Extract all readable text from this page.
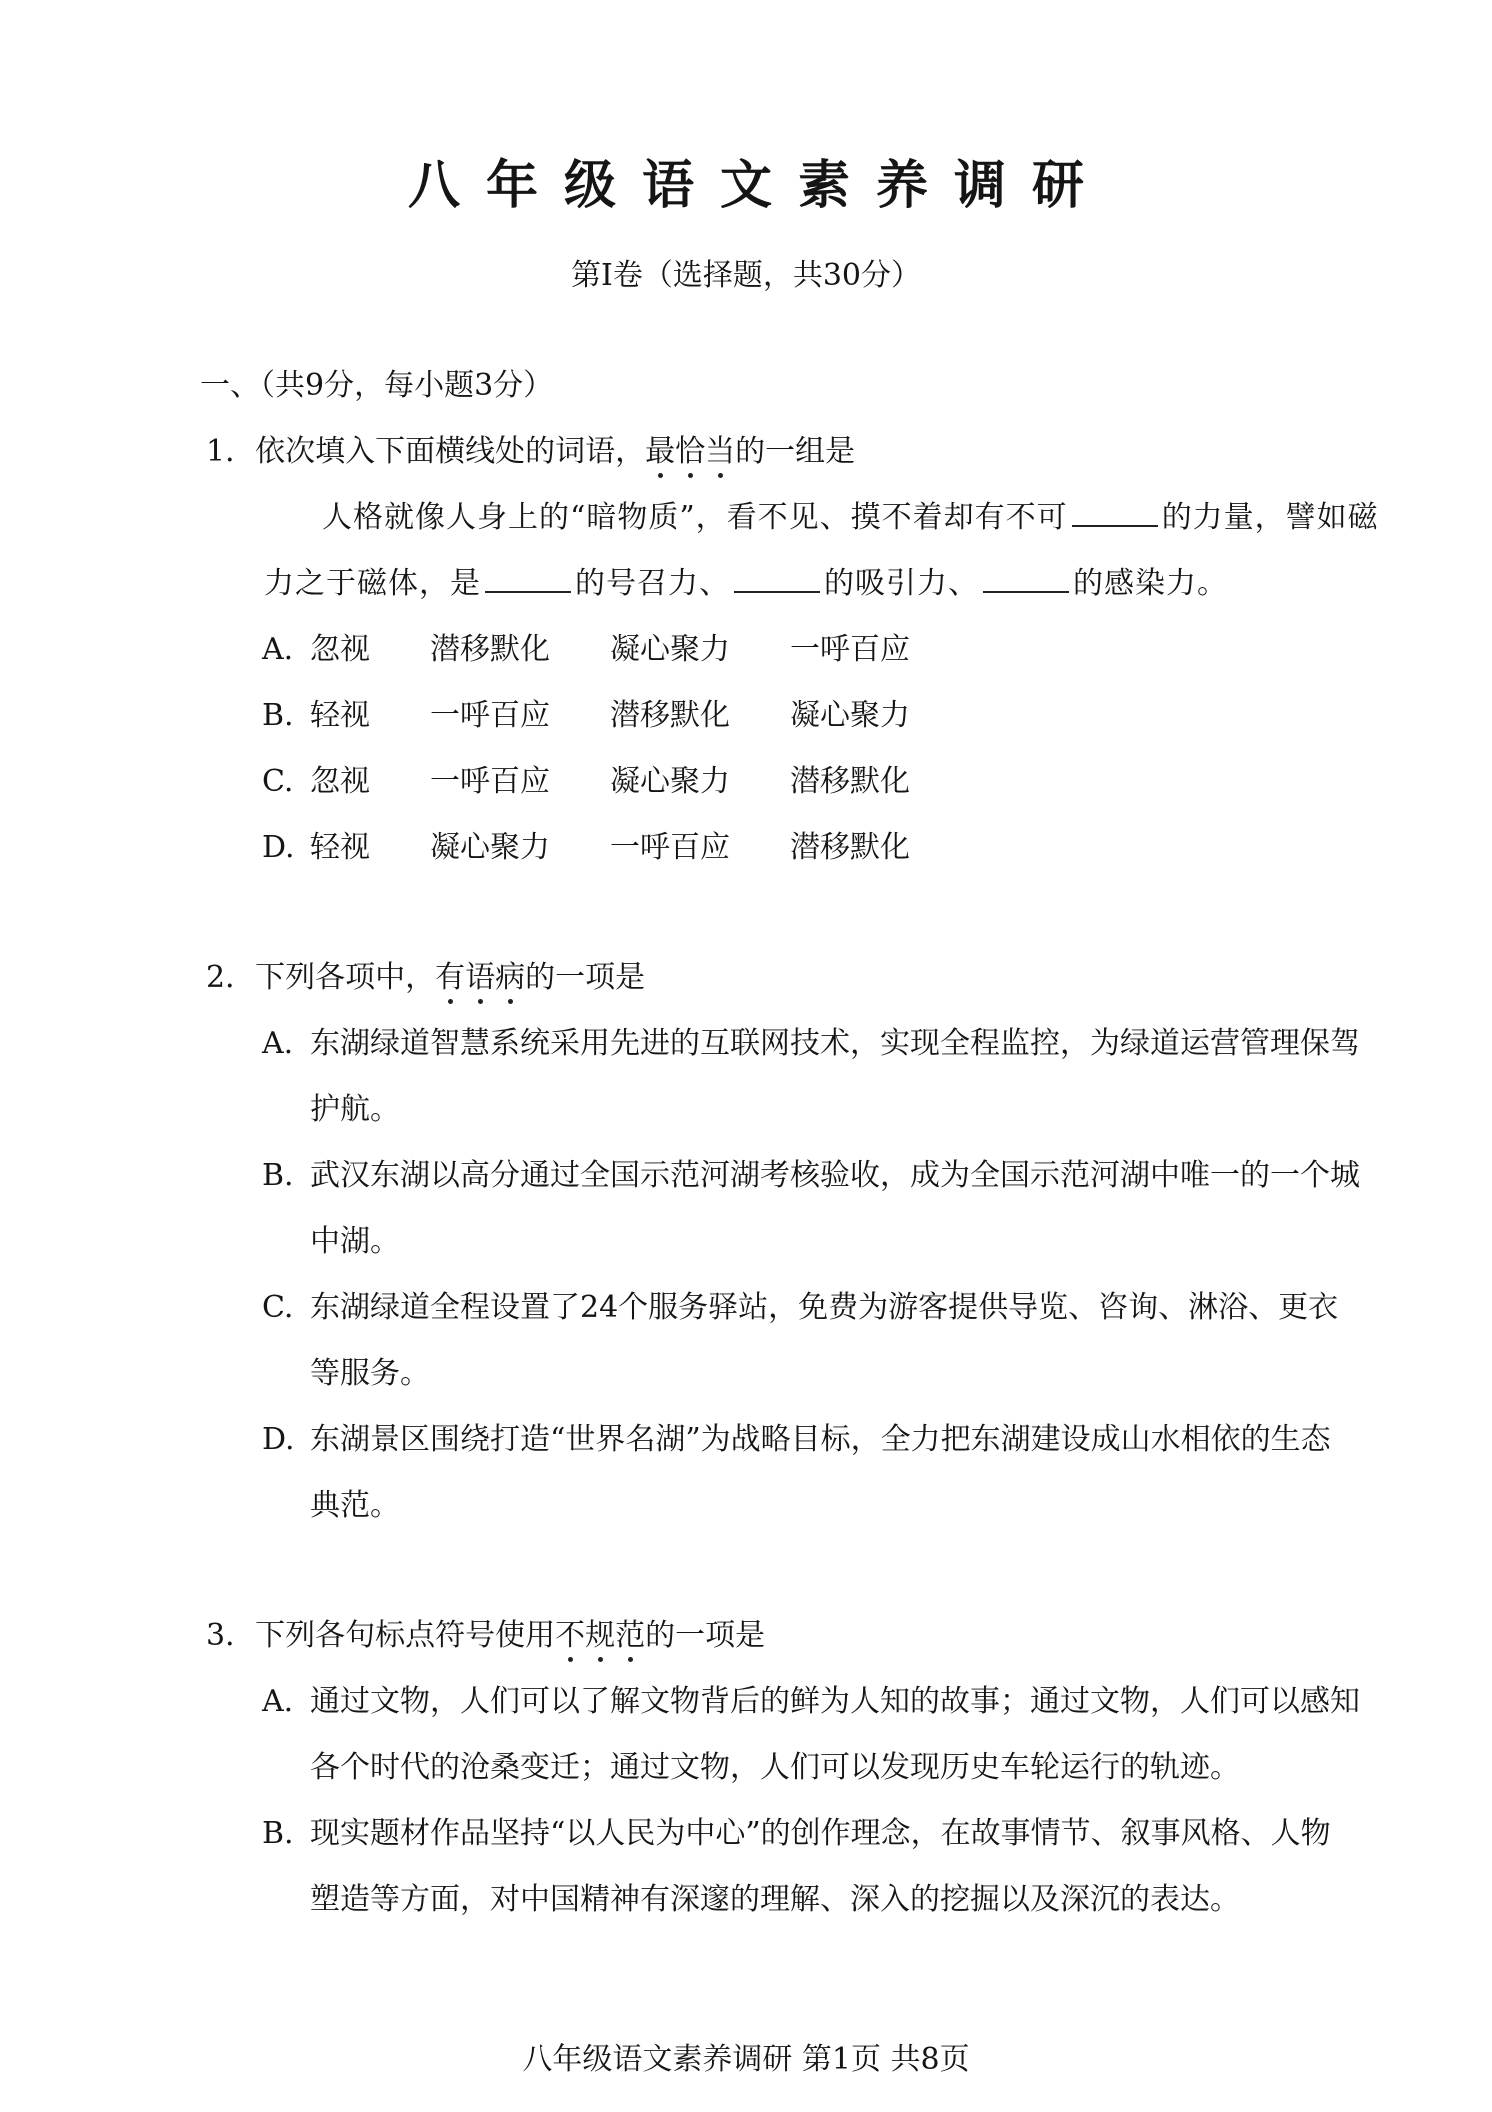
八年级语文素养调研
第Ⅰ卷（选择题，共30分）
一、（共9分，每小题3分）
1．依次填入下面横线处的词语，最恰当的一组是
人格就像人身上的“暗物质”，看不见、摸不着却有不可	的力量，譬如磁
力之于磁体，是	的号召力、	的吸引力、	的感染力。
A. 忽视 潜移默化 凝心聚力 一呼百应
B. 轻视 一呼百应 潜移默化 凝心聚力
C. 忽视 一呼百应 凝心聚力 潜移默化
D. 轻视 凝心聚力 一呼百应 潜移默化
2．下列各项中，有语病的一项是
A. 东湖绿道智慧系统采用先进的互联网技术，实现全程监控，为绿道运营管理保驾
护航。
B. 武汉东湖以高分通过全国示范河湖考核验收，成为全国示范河湖中唯一的一个城
中湖。
C. 东湖绿道全程设置了24个服务驿站，免费为游客提供导览、咨询、淋浴、更衣
等服务。
D. 东湖景区围绕打造“世界名湖”为战略目标，全力把东湖建设成山水相依的生态
典范。
3．下列各句标点符号使用不规范的一项是
A. 通过文物，人们可以了解文物背后的鲜为人知的故事；通过文物，人们可以感知
各个时代的沧桑变迁；通过文物，人们可以发现历史车轮运行的轨迹。
B. 现实题材作品坚持“以人民为中心”的创作理念，在故事情节、叙事风格、人物
塑造等方面，对中国精神有深邃的理解、深入的挖掘以及深沉的表达。
八年级语文素养调研 第1页 共8页
